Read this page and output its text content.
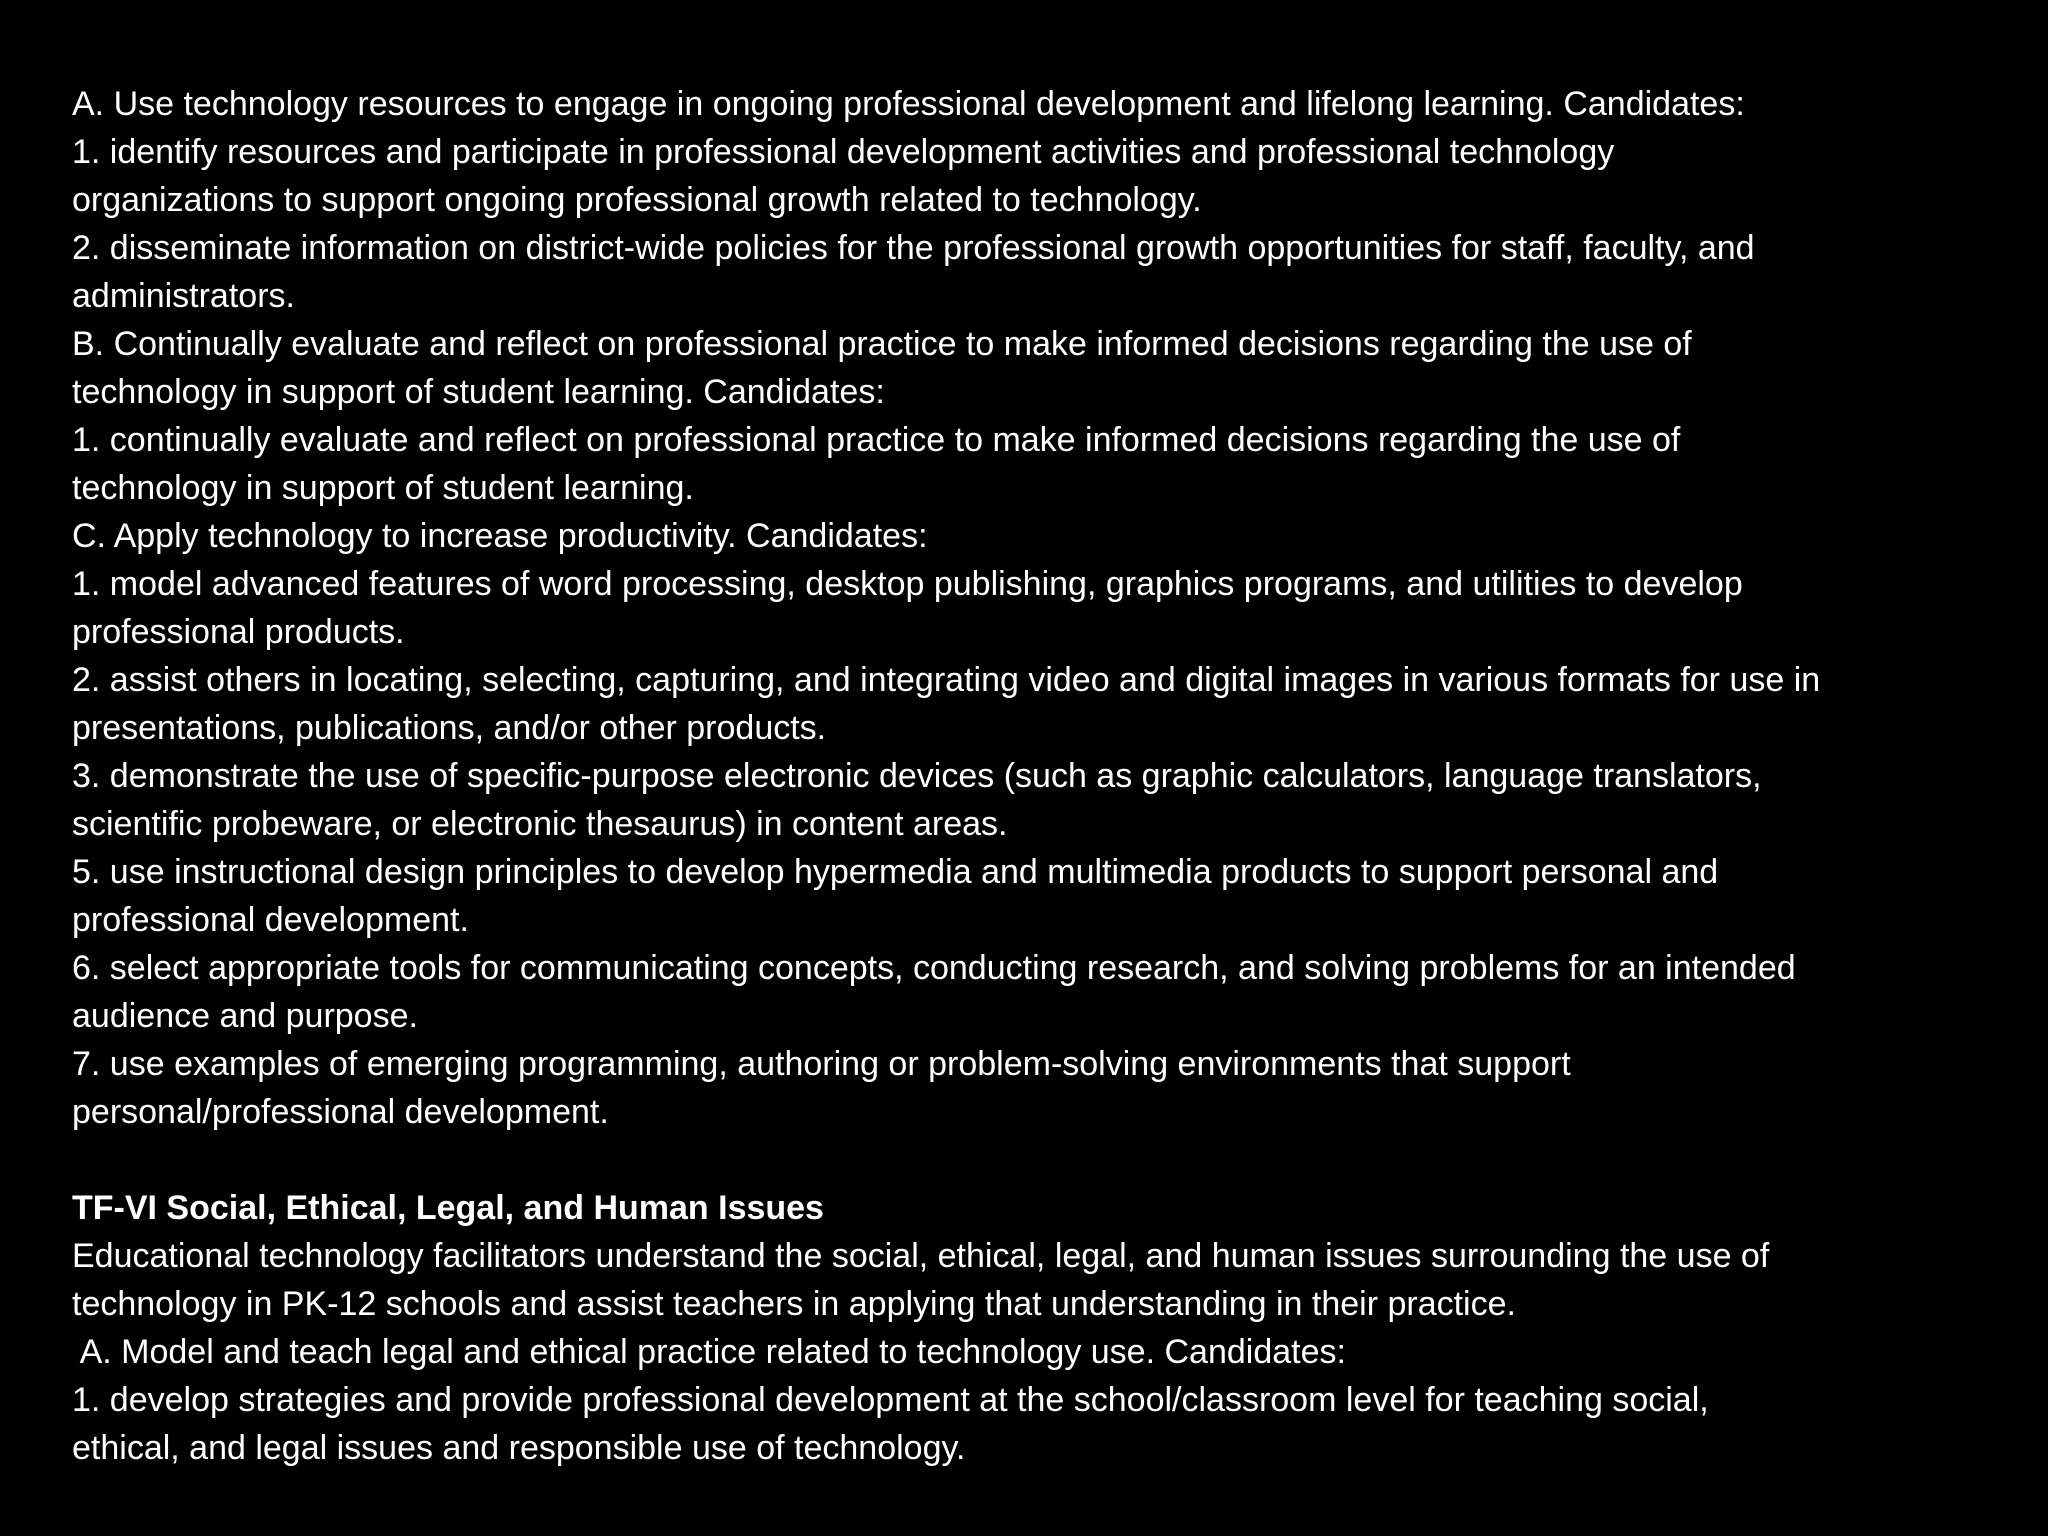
A. Use technology resources to engage in ongoing professional development and lifelong learning. Candidates:
1. identify resources and participate in professional development activities and professional technology
organizations to support ongoing professional growth related to technology.
2. disseminate information on district-wide policies for the professional growth opportunities for staff, faculty, and
administrators.
B. Continually evaluate and reflect on professional practice to make informed decisions regarding the use of
technology in support of student learning. Candidates:
1. continually evaluate and reflect on professional practice to make informed decisions regarding the use of
technology in support of student learning.
C. Apply technology to increase productivity. Candidates:
1. model advanced features of word processing, desktop publishing, graphics programs, and utilities to develop
professional products.
2. assist others in locating, selecting, capturing, and integrating video and digital images in various formats for use in
presentations, publications, and/or other products.
3. demonstrate the use of specific-purpose electronic devices (such as graphic calculators, language translators,
scientific probeware, or electronic thesaurus) in content areas.
5. use instructional design principles to develop hypermedia and multimedia products to support personal and
professional development.
6. select appropriate tools for communicating concepts, conducting research, and solving problems for an intended
audience and purpose.
7. use examples of emerging programming, authoring or problem-solving environments that support
personal/professional development.
TF-VI Social, Ethical, Legal, and Human Issues
Educational technology facilitators understand the social, ethical, legal, and human issues surrounding the use of
technology in PK-12 schools and assist teachers in applying that understanding in their practice.
A. Model and teach legal and ethical practice related to technology use. Candidates:
1. develop strategies and provide professional development at the school/classroom level for teaching social,
ethical, and legal issues and responsible use of technology.
